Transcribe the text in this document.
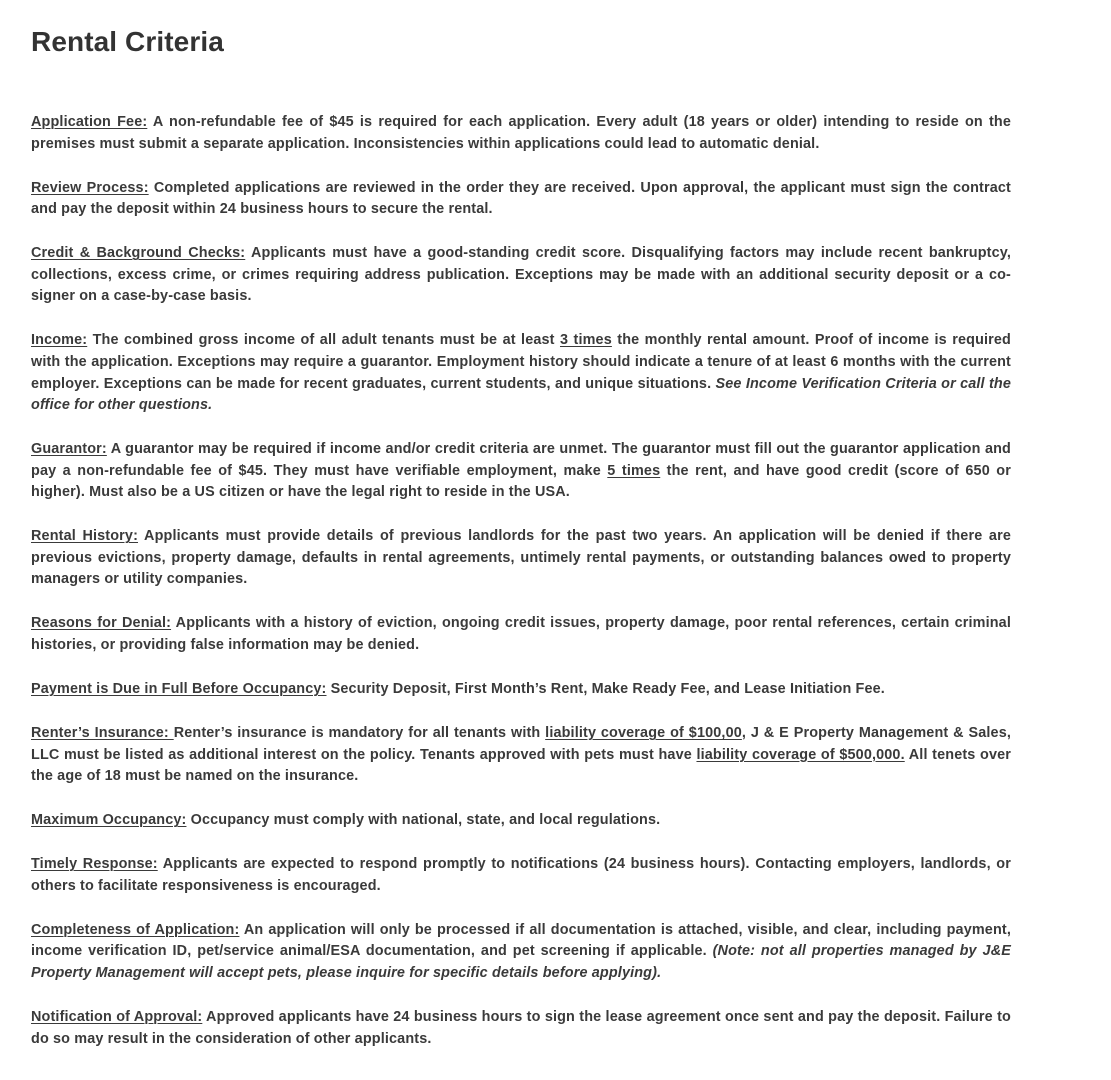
Rental Criteria

Application Fee: A non-refundable fee of $45 is required for each application. Every adult (18 years or older) intending to reside on the premises must submit a separate application. Inconsistencies within applications could lead to automatic denial.

Review Process: Completed applications are reviewed in the order they are received. Upon approval, the applicant must sign the contract and pay the deposit within 24 business hours to secure the rental.

Credit & Background Checks: Applicants must have a good-standing credit score. Disqualifying factors may include recent bankruptcy, collections, excess crime, or crimes requiring address publication. Exceptions may be made with an additional security deposit or a co-signer on a case-by-case basis.

Income: The combined gross income of all adult tenants must be at least 3 times the monthly rental amount. Proof of income is required with the application. Exceptions may require a guarantor. Employment history should indicate a tenure of at least 6 months with the current employer. Exceptions can be made for recent graduates, current students, and unique situations. See Income Verification Criteria or call the office for other questions.

Guarantor: A guarantor may be required if income and/or credit criteria are unmet. The guarantor must fill out the guarantor application and pay a non-refundable fee of $45. They must have verifiable employment, make 5 times the rent, and have good credit (score of 650 or higher). Must also be a US citizen or have the legal right to reside in the USA.

Rental History: Applicants must provide details of previous landlords for the past two years. An application will be denied if there are previous evictions, property damage, defaults in rental agreements, untimely rental payments, or outstanding balances owed to property managers or utility companies.

Reasons for Denial: Applicants with a history of eviction, ongoing credit issues, property damage, poor rental references, certain criminal histories, or providing false information may be denied.

Payment is Due in Full Before Occupancy: Security Deposit, First Month’s Rent, Make Ready Fee, and Lease Initiation Fee.

Renter’s Insurance: Renter’s insurance is mandatory for all tenants with liability coverage of $100,00, J & E Property Management & Sales, LLC must be listed as additional interest on the policy. Tenants approved with pets must have liability coverage of $500,000. All tenets over the age of 18 must be named on the insurance.

Maximum Occupancy: Occupancy must comply with national, state, and local regulations.

Timely Response: Applicants are expected to respond promptly to notifications (24 business hours). Contacting employers, landlords, or others to facilitate responsiveness is encouraged.

Completeness of Application: An application will only be processed if all documentation is attached, visible, and clear, including payment, income verification ID, pet/service animal/ESA documentation, and pet screening if applicable. (Note: not all properties managed by J&E Property Management will accept pets, please inquire for specific details before applying).

Notification of Approval: Approved applicants have 24 business hours to sign the lease agreement once sent and pay the deposit. Failure to do so may result in the consideration of other applicants.
